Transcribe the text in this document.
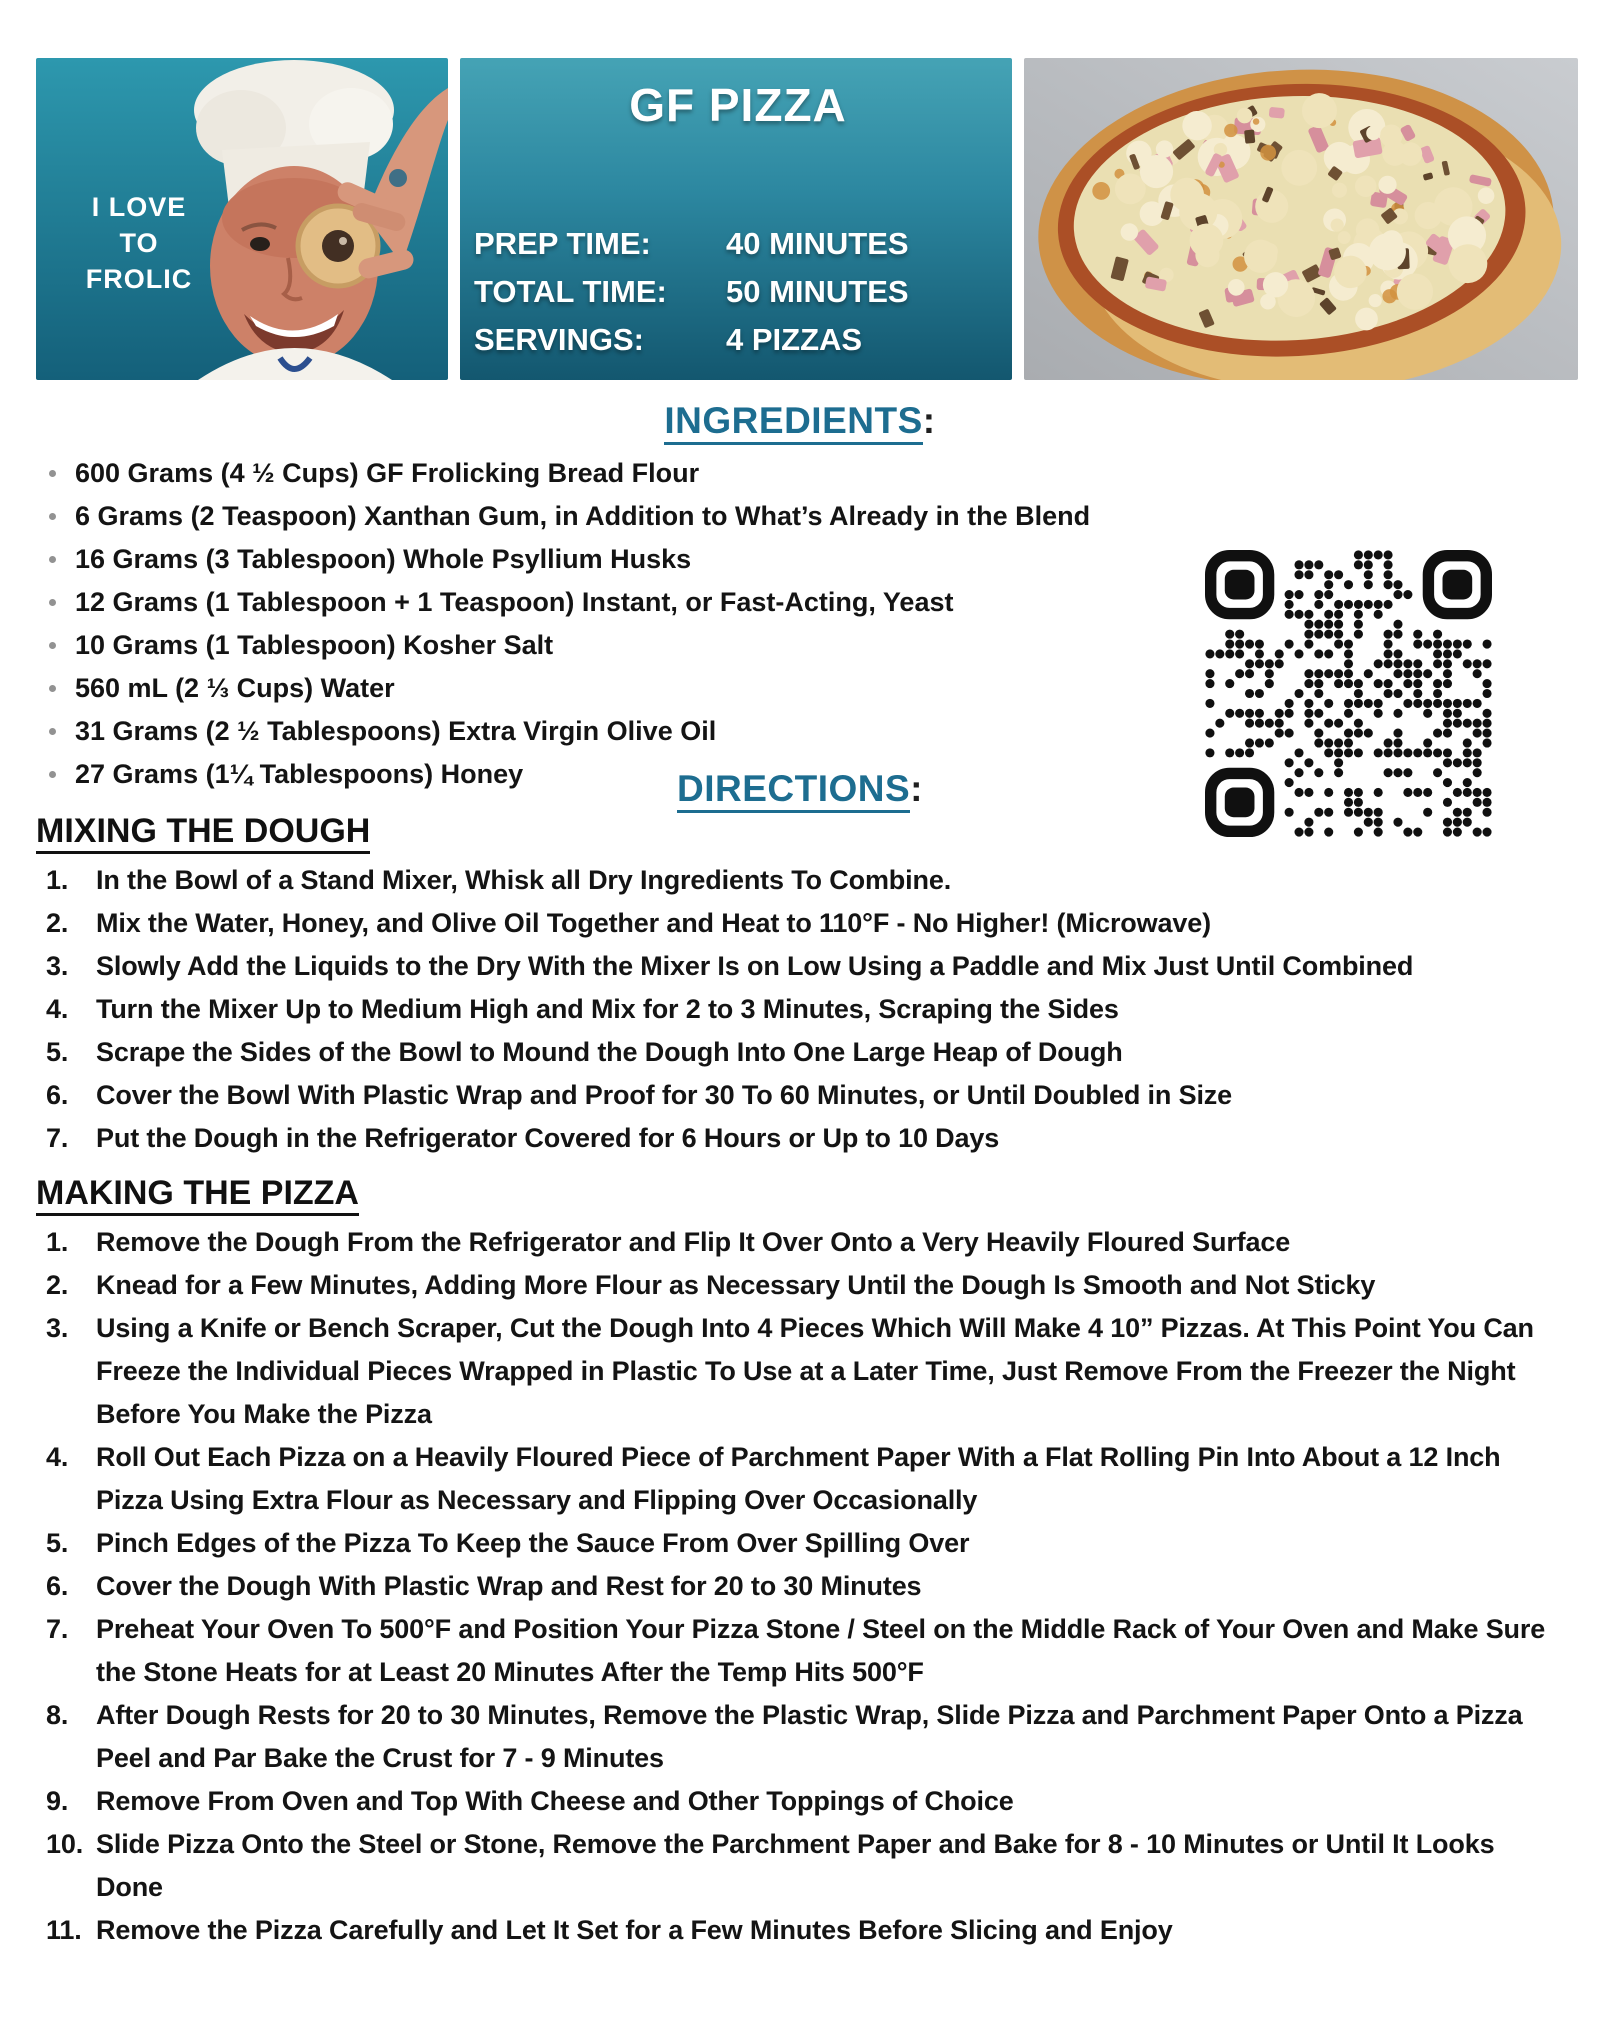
I LOVE
TO
FROLIC
GF PIZZA
PREP TIME:	40 MINUTES
TOTAL TIME:	50 MINUTES
SERVINGS:	4 PIZZAS
INGREDIENTS:
600 Grams (4 ½ Cups) GF Frolicking Bread Flour
6 Grams (2 Teaspoon) Xanthan Gum, in Addition to What’s Already in the Blend
16 Grams (3 Tablespoon) Whole Psyllium Husks
12 Grams (1 Tablespoon + 1 Teaspoon) Instant, or Fast-Acting, Yeast
10 Grams (1 Tablespoon) Kosher Salt
560 mL (2 ⅓ Cups) Water
31 Grams (2 ½ Tablespoons) Extra Virgin Olive Oil
27 Grams (1¼ Tablespoons) Honey	DIRECTIONS:
MIXING THE DOUGH
1.	In the Bowl of a Stand Mixer, Whisk all Dry Ingredients To Combine.
2.	Mix the Water, Honey, and Olive Oil Together and Heat to 110°F - No Higher! (Microwave)
3.	Slowly Add the Liquids to the Dry With the Mixer Is on Low Using a Paddle and Mix Just Until Combined
4.	Turn the Mixer Up to Medium High and Mix for 2 to 3 Minutes, Scraping the Sides
5.	Scrape the Sides of the Bowl to Mound the Dough Into One Large Heap of Dough
6.	Cover the Bowl With Plastic Wrap and Proof for 30 To 60 Minutes, or Until Doubled in Size
7.	Put the Dough in the Refrigerator Covered for 6 Hours or Up to 10 Days
MAKING THE PIZZA
1.	Remove the Dough From the Refrigerator and Flip It Over Onto a Very Heavily Floured Surface
2.	Knead for a Few Minutes, Adding More Flour as Necessary Until the Dough Is Smooth and Not Sticky
3.	Using a Knife or Bench Scraper, Cut the Dough Into 4 Pieces Which Will Make 4 10” Pizzas. At This Point You Can Freeze the Individual Pieces Wrapped in Plastic To Use at a Later Time, Just Remove From the Freezer the Night Before You Make the Pizza
4.	Roll Out Each Pizza on a Heavily Floured Piece of Parchment Paper With a Flat Rolling Pin Into About a 12 Inch Pizza Using Extra Flour as Necessary and Flipping Over Occasionally
5.	Pinch Edges of the Pizza To Keep the Sauce From Over Spilling Over
6.	Cover the Dough With Plastic Wrap and Rest for 20 to 30 Minutes
7.	Preheat Your Oven To 500°F and Position Your Pizza Stone / Steel on the Middle Rack of Your Oven and Make Sure the Stone Heats for at Least 20 Minutes After the Temp Hits 500°F
8.	After Dough Rests for 20 to 30 Minutes, Remove the Plastic Wrap, Slide Pizza and Parchment Paper Onto a Pizza Peel and Par Bake the Crust for 7 - 9 Minutes
9.	Remove From Oven and Top With Cheese and Other Toppings of Choice
10. Slide Pizza Onto the Steel or Stone, Remove the Parchment Paper and Bake for 8 - 10 Minutes or Until It Looks Done
11. Remove the Pizza Carefully and Let It Set for a Few Minutes Before Slicing and Enjoy
